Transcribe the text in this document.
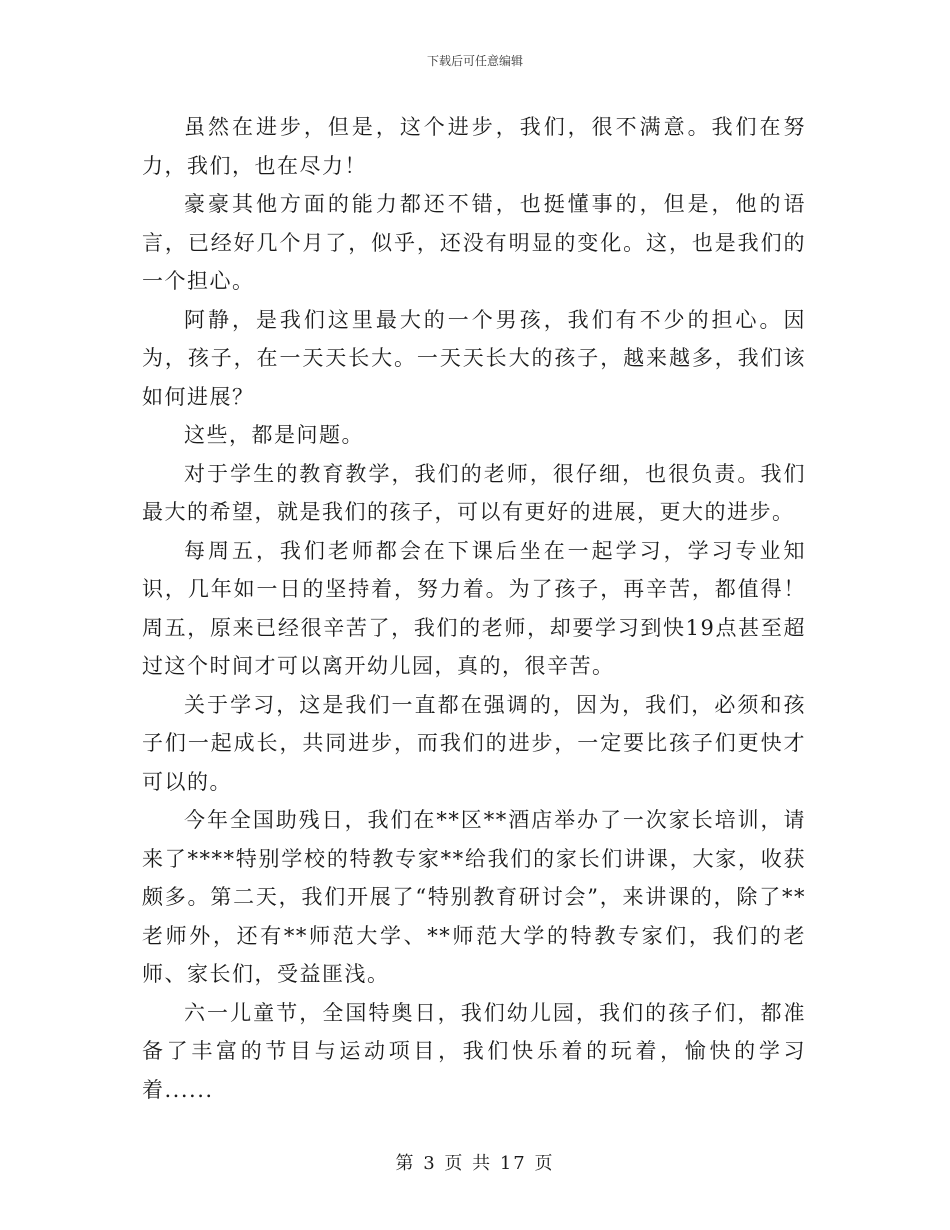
下载后可任意编辑

虽然在进步，但是，这个进步，我们，很不满意。我们在努力，我们，也在尽力！

豪豪其他方面的能力都还不错，也挺懂事的，但是，他的语言，已经好几个月了，似乎，还没有明显的变化。这，也是我们的一个担心。

阿静，是我们这里最大的一个男孩，我们有不少的担心。因为，孩子，在一天天长大。一天天长大的孩子，越来越多，我们该如何进展？

这些，都是问题。

对于学生的教育教学，我们的老师，很仔细，也很负责。我们最大的希望，就是我们的孩子，可以有更好的进展，更大的进步。

每周五，我们老师都会在下课后坐在一起学习，学习专业知识，几年如一日的坚持着，努力着。为了孩子，再辛苦，都值得！周五，原来已经很辛苦了，我们的老师，却要学习到快19点甚至超过这个时间才可以离开幼儿园，真的，很辛苦。

关于学习，这是我们一直都在强调的，因为，我们，必须和孩子们一起成长，共同进步，而我们的进步，一定要比孩子们更快才可以的。

今年全国助残日，我们在**区**酒店举办了一次家长培训，请来了****特别学校的特教专家**给我们的家长们讲课，大家，收获颇多。第二天，我们开展了“特别教育研讨会”，来讲课的，除了**老师外，还有**师范大学、**师范大学的特教专家们，我们的老师、家长们，受益匪浅。

六一儿童节，全国特奥日，我们幼儿园，我们的孩子们，都准备了丰富的节目与运动项目，我们快乐着的玩着，愉快的学习着......

第 3 页 共 17 页
